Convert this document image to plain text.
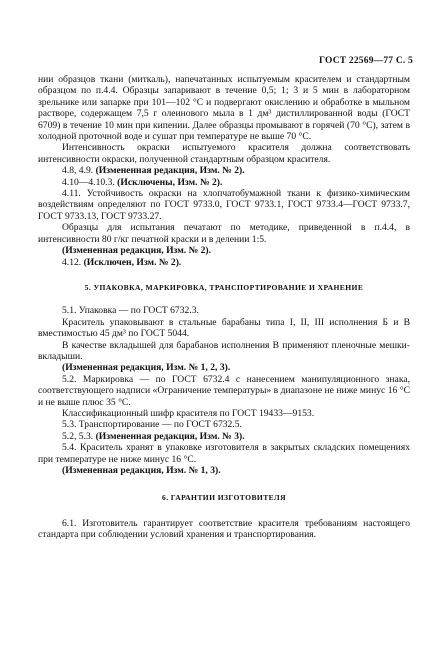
ГОСТ 22569—77 С. 5

нии образцов ткани (миткаль), напечатанных испытуемым красителем и стандартным образцом по п.4.4. Образцы запаривают в течение 0,5; 1; 3 и 5 мин в лабораторном зрельнике или запарке при 101—102 °С и подвергают окислению и обработке в мыльном растворе, содержащем 7,5 г олеинового мыла в 1 дм³ дистиллированной воды (ГОСТ 6709) в течение 10 мин при кипении. Далее образцы промывают в горячей (70 °С), затем в холодной проточной воде и сушат при температуре не выше 70 °С.

Интенсивность окраски испытуемого красителя должна соответствовать интенсивности окраски, полученной стандартным образцом красителя.

4.8, 4.9. (Измененная редакция, Изм. № 2).

4.10—4.10.3. (Исключены, Изм. № 2).

4.11. Устойчивость окраски на хлопчатобумажной ткани к физико-химическим воздействиям определяют по ГОСТ 9733.0, ГОСТ 9733.1, ГОСТ 9733.4—ГОСТ 9733.7, ГОСТ 9733.13, ГОСТ 9733.27.

Образцы для испытания печатают по методике, приведенной в п.4.4, в интенсивности 80 г/кг печатной краски и в делении 1:5.

(Измененная редакция, Изм. № 2).

4.12. (Исключен, Изм. № 2).

5. УПАКОВКА, МАРКИРОВКА, ТРАНСПОРТИРОВАНИЕ И ХРАНЕНИЕ

5.1. Упаковка — по ГОСТ 6732.3.

Краситель упаковывают в стальные барабаны типа I, II, III исполнения Б и В вместимостью 45 дм³ по ГОСТ 5044.

В качестве вкладышей для барабанов исполнения В применяют пленочные мешки-вкладыши.

(Измененная редакция, Изм. № 1, 2, 3).

5.2. Маркировка — по ГОСТ 6732.4 с нанесением манипуляционного знака, соответствующего надписи «Ограничение температуры» в диапазоне не ниже минус 16 °С и не выше плюс 35 °С.

Классификационный шифр красителя по ГОСТ 19433—9153.

5.3. Транспортирование — по ГОСТ 6732.5.

5.2, 5.3. (Измененная редакция, Изм. № 3).

5.4. Краситель хранят в упаковке изготовителя в закрытых складских помещениях при температуре не ниже минус 16 °С.

(Измененная редакция, Изм. № 1, 3).

6. ГАРАНТИИ ИЗГОТОВИТЕЛЯ

6.1. Изготовитель гарантирует соответствие красителя требованиям настоящего стандарта при соблюдении условий хранения и транспортирования.
